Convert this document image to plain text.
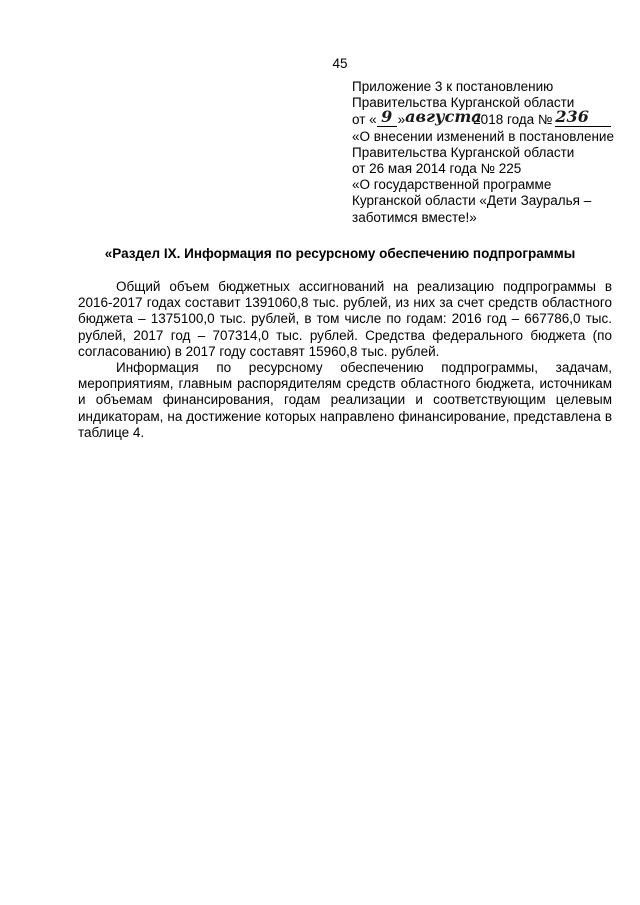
45
Приложение 3 к постановлению
Правительства Курганской области
от « 9 »августа2018 года № 236
«О внесении изменений в постановление
Правительства Курганской области
от 26 мая 2014 года № 225
«О государственной программе
Курганской области «Дети Зауралья –
заботимся вместе!»
«Раздел IX. Информация по ресурсному обеспечению подпрограммы

Общий объем бюджетных ассигнований на реализацию подпрограммы в 2016-2017 годах составит 1391060,8 тыс. рублей, из них за счет средств областного бюджета – 1375100,0 тыс. рублей, в том числе по годам: 2016 год – 667786,0 тыс. рублей, 2017 год – 707314,0 тыс. рублей. Средства федерального бюджета (по согласованию) в 2017 году составят 15960,8 тыс. рублей.

Информация по ресурсному обеспечению подпрограммы, задачам, мероприятиям, главным распорядителям средств областного бюджета, источникам и объемам финансирования, годам реализации и соответствующим целевым индикаторам, на достижение которых направлено финансирование, представлена в таблице 4.
